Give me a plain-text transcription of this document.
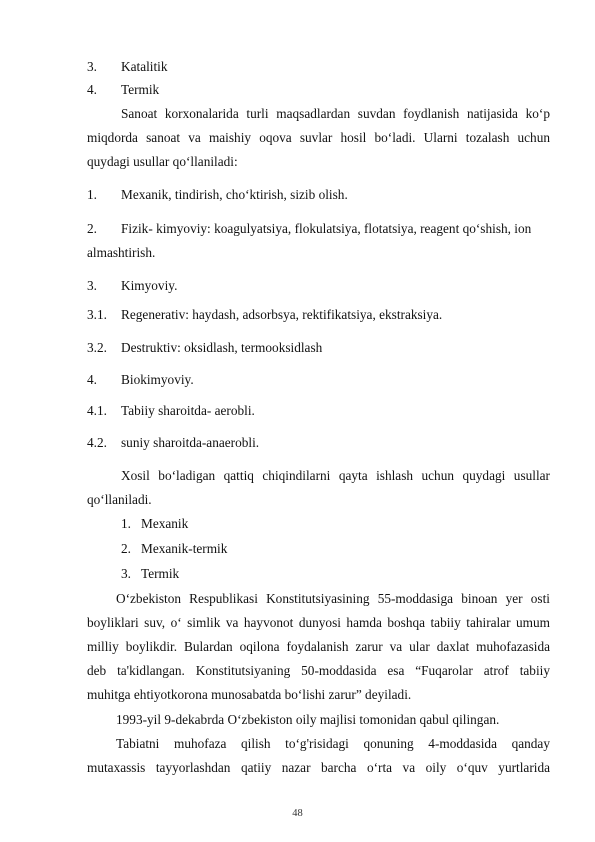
3. Katalitik
4. Termik
Sanoat korxonalarida turli maqsadlardan suvdan foydlanish natijasida ko‘p
miqdorda sanoat va maishiy oqova suvlar hosil bo‘ladi. Ularni tozalash uchun
quydagi usullar qo‘llaniladi:
1. Mexanik, tindirish, cho‘ktirish, sizib olish.
2. Fizik- kimyoviy: koagulyatsiya, flokulatsiya, flotatsiya, reagent qo‘shish, ion
almashtirish.
3. Kimyoviy.
3.1. Regenerativ: haydash, adsorbsya, rektifikatsiya, ekstraksiya.
3.2. Destruktiv: oksidlash, termooksidlash
4. Biokimyoviy.
4.1. Tabiiy sharoitda- aerobli.
4.2. suniy sharoitda-anaerobli.
Xosil bo‘ladigan qattiq chiqindilarni qayta ishlash uchun quydagi usullar
qo‘llaniladi.
1. Mexanik
2. Mexanik-termik
3. Termik
O‘zbekiston Respublikasi Konstitutsiyasining 55-moddasiga binoan yer osti
boyliklari suv, o‘ simlik va hayvonot dunyosi hamda boshqa tabiiy tahiralar umum
milliy boylikdir. Bulardan oqilona foydalanish zarur va ular daxlat muhofazasida
deb ta'kidlangan. Konstitutsiyaning 50-moddasida esa “Fuqarolar atrof tabiiy
muhitga ehtiyotkorona munosabatda bo‘lishi zarur” deyiladi.
1993-yil 9-dekabrda O‘zbekiston oily majlisi tomonidan qabul qilingan.
Tabiatni muhofaza qilish to‘g'risidagi qonuning 4-moddasida qanday
mutaxassis tayyorlashdan qatiiy nazar barcha o‘rta va oily o‘quv yurtlarida
48
